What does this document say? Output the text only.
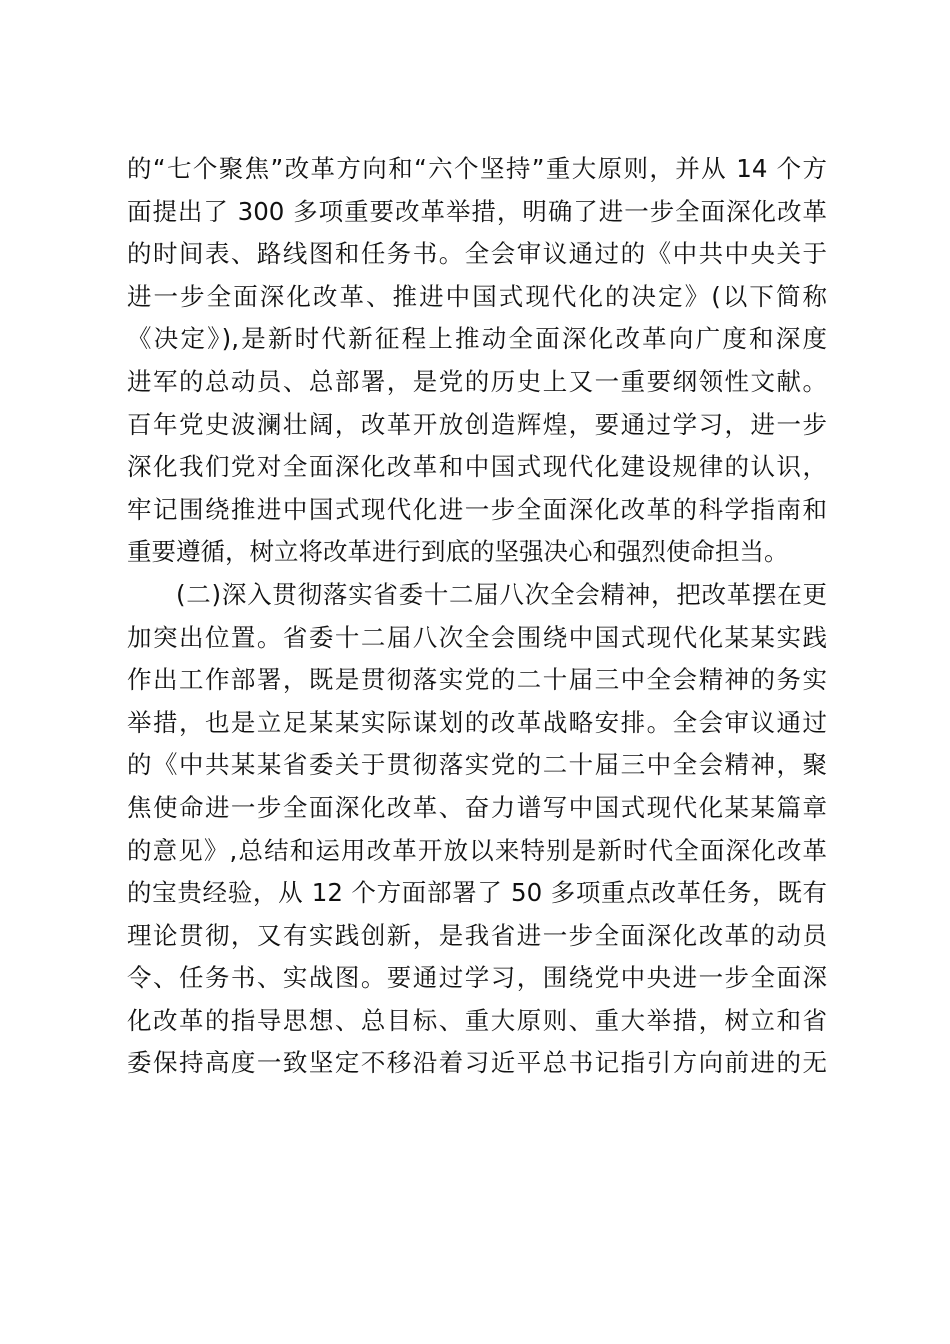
的“七个聚焦”改革方向和“六个坚持”重大原则，并从 14 个方
面提出了 300 多项重要改革举措，明确了进一步全面深化改革
的时间表、路线图和任务书。全会审议通过的《中共中央关于
进一步全面深化改革、推进中国式现代化的决定》(以下简称
《决定》),是新时代新征程上推动全面深化改革向广度和深度
进军的总动员、总部署，是党的历史上又一重要纲领性文献。
百年党史波澜壮阔，改革开放创造辉煌，要通过学习，进一步
深化我们党对全面深化改革和中国式现代化建设规律的认识，
牢记围绕推进中国式现代化进一步全面深化改革的科学指南和
重要遵循，树立将改革进行到底的坚强决心和强烈使命担当。
(二)深入贯彻落实省委十二届八次全会精神，把改革摆在更
加突出位置。省委十二届八次全会围绕中国式现代化某某实践
作出工作部署，既是贯彻落实党的二十届三中全会精神的务实
举措，也是立足某某实际谋划的改革战略安排。全会审议通过
的《中共某某省委关于贯彻落实党的二十届三中全会精神，聚
焦使命进一步全面深化改革、奋力谱写中国式现代化某某篇章
的意见》,总结和运用改革开放以来特别是新时代全面深化改革
的宝贵经验，从 12 个方面部署了 50 多项重点改革任务，既有
理论贯彻，又有实践创新，是我省进一步全面深化改革的动员
令、任务书、实战图。要通过学习，围绕党中央进一步全面深
化改革的指导思想、总目标、重大原则、重大举措，树立和省
委保持高度一致坚定不移沿着习近平总书记指引方向前进的无
